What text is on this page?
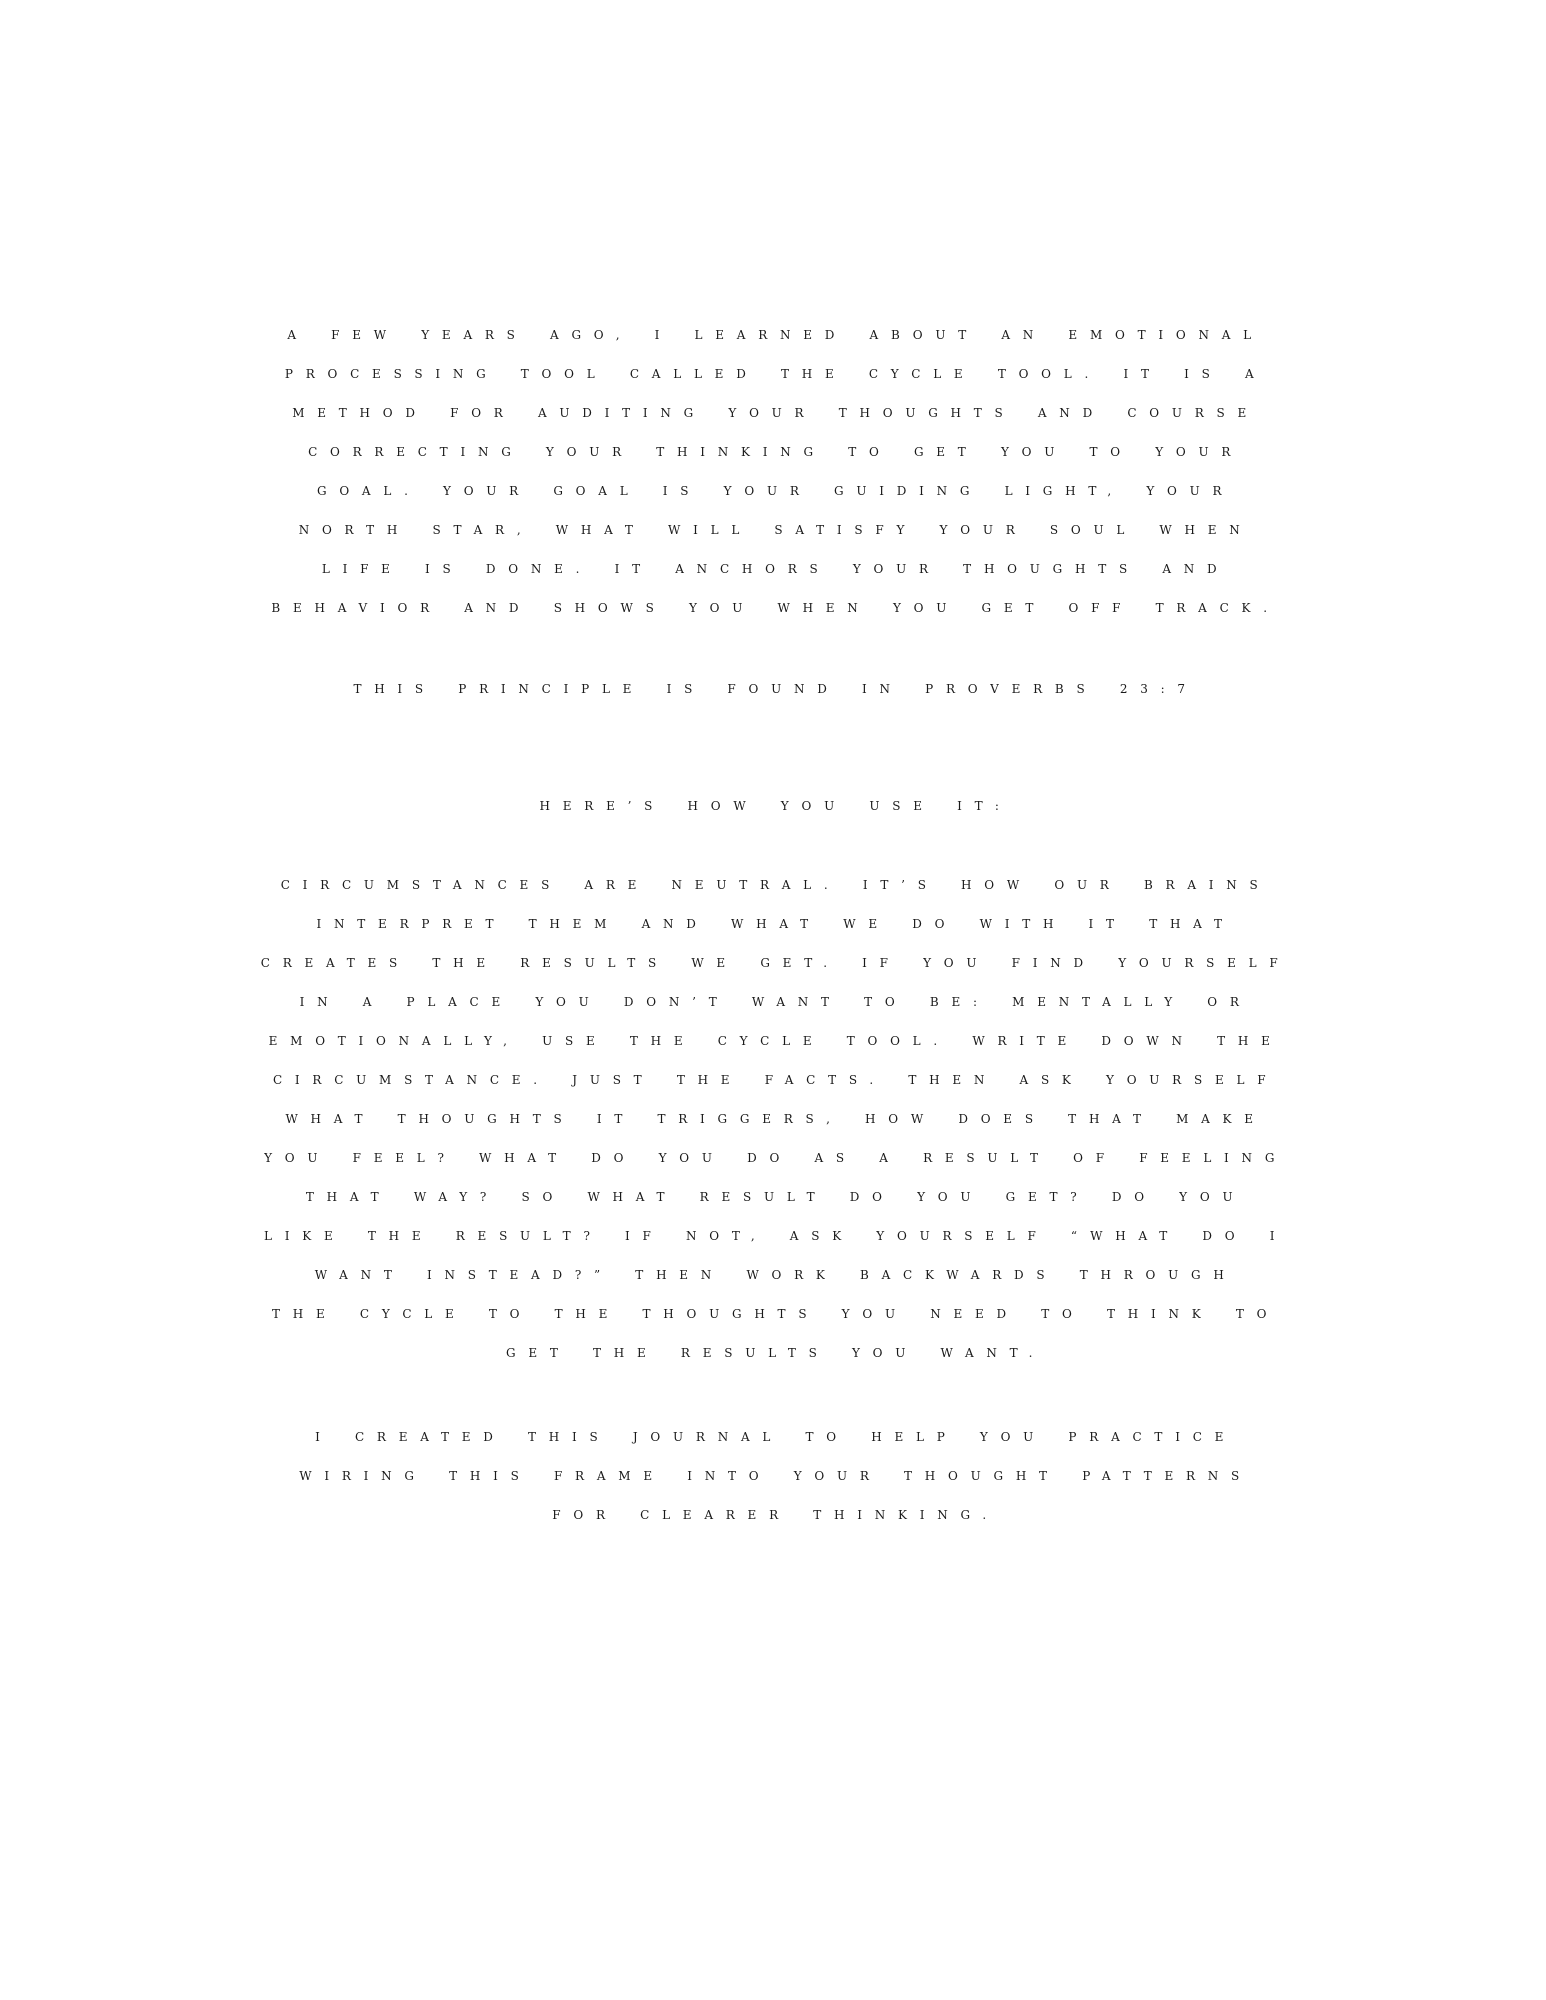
A FEW YEARS AGO, I LEARNED ABOUT AN EMOTIONAL
PROCESSING TOOL CALLED THE CYCLE TOOL. IT IS A
METHOD FOR AUDITING YOUR THOUGHTS AND COURSE
CORRECTING YOUR THINKING TO GET YOU TO YOUR
GOAL. YOUR GOAL IS YOUR GUIDING LIGHT, YOUR
NORTH STAR, WHAT WILL SATISFY YOUR SOUL WHEN
LIFE IS DONE. IT ANCHORS YOUR THOUGHTS AND
BEHAVIOR AND SHOWS YOU WHEN YOU GET OFF TRACK.

THIS PRINCIPLE IS FOUND IN PROVERBS 23:7

HERE’S HOW YOU USE IT:

CIRCUMSTANCES ARE NEUTRAL. IT’S HOW OUR BRAINS
INTERPRET THEM AND WHAT WE DO WITH IT THAT
CREATES THE RESULTS WE GET. IF YOU FIND YOURSELF
IN A PLACE YOU DON’T WANT TO BE: MENTALLY OR
EMOTIONALLY, USE THE CYCLE TOOL. WRITE DOWN THE
CIRCUMSTANCE. JUST THE FACTS. THEN ASK YOURSELF
WHAT THOUGHTS IT TRIGGERS, HOW DOES THAT MAKE
YOU FEEL? WHAT DO YOU DO AS A RESULT OF FEELING
THAT WAY? SO WHAT RESULT DO YOU GET? DO YOU
LIKE THE RESULT? IF NOT, ASK YOURSELF “WHAT DO I
WANT INSTEAD?” THEN WORK BACKWARDS THROUGH
THE CYCLE TO THE THOUGHTS YOU NEED TO THINK TO
GET THE RESULTS YOU WANT.

I CREATED THIS JOURNAL TO HELP YOU PRACTICE
WIRING THIS FRAME INTO YOUR THOUGHT PATTERNS
FOR CLEARER THINKING.
